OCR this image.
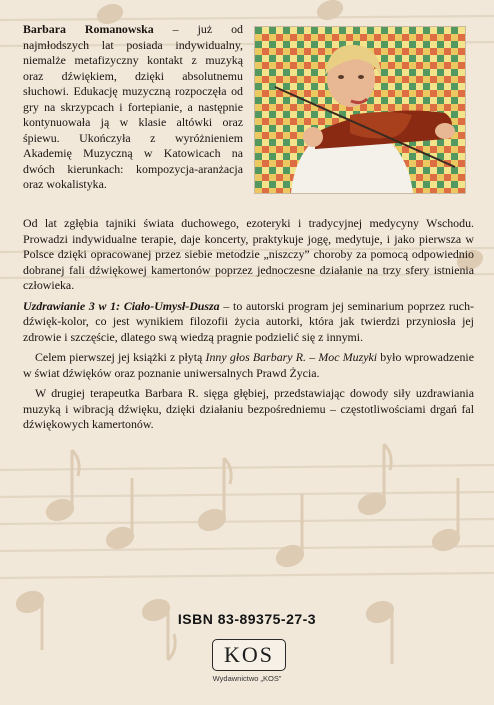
Barbara Romanowska – już od najmłodszych lat posiada indywidualny, niemalże metafizyczny kontakt z muzyką oraz dźwiękiem, dzięki absolutnemu słuchowi. Edukację muzyczną rozpoczęła od gry na skrzypcach i fortepianie, a następnie kontynuowała ją w klasie altówki oraz śpiewu. Ukończyła z wyróżnieniem Akademię Muzyczną w Katowicach na dwóch kierunkach: kompozycja-aranżacja oraz wokalistyka.

Od lat zgłębia tajniki świata duchowego, ezoteryki i tradycyjnej medycyny Wschodu. Prowadzi indywidualne terapie, daje koncerty, praktykuje jogę, medytuje, i jako pierwsza w Polsce dzięki opracowanej przez siebie metodzie „niszczy” choroby za pomocą odpowiednio dobranej fali dźwiękowej kamertonów poprzez jednoczesne działanie na trzy sfery istnienia człowieka.

Uzdrawianie 3 w 1: Ciało-Umysł-Dusza – to autorski program jej seminarium poprzez ruch-dźwięk-kolor, co jest wynikiem filozofii życia autorki, która jak twierdzi przyniosła jej zdrowie i szczęście, dlatego swą wiedzą pragnie podzielić się z innymi.

Celem pierwszej jej książki z płytą Inny głos Barbary R. – Moc Muzyki było wprowadzenie w świat dźwięków oraz poznanie uniwersalnych Prawd Życia.

W drugiej terapeutka Barbara R. sięga głębiej, przedstawiając dowody siły uzdrawiania muzyką i wibracją dźwięku, dzięki działaniu bezpośredniemu – częstotliwościami drgań fal dźwiękowych kamertonów.

ISBN 83-89375-27-3
KOS
Wydawnictwo „KOS”
